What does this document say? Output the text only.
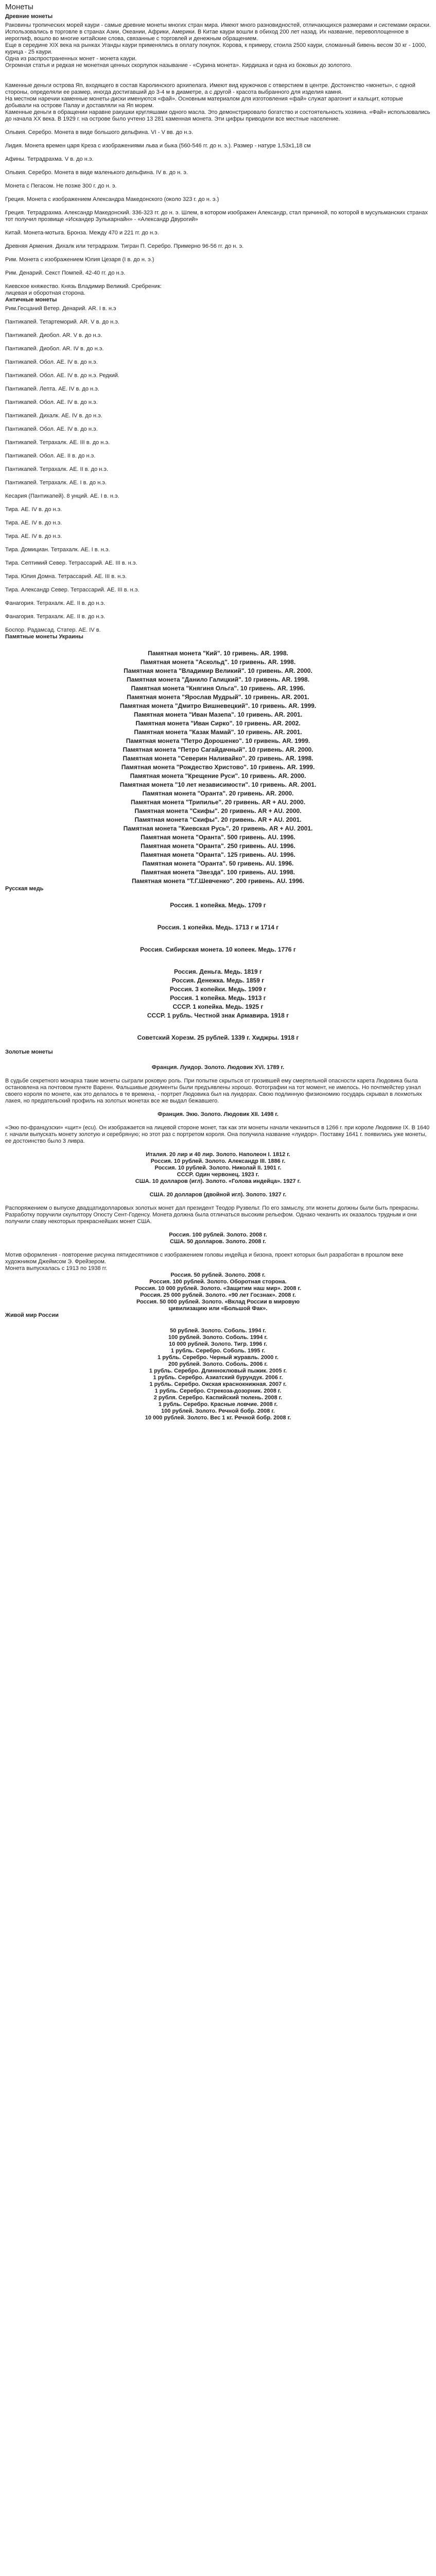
Монеты
Древние монеты

Раковины тропических морей каури - самые древние монеты многих стран мира. Имеют много разновидностей, отличающихся размерами и системами окраски. Использовались в торговле в странах Азии, Океании, Африки, Америки. В Китае каури вошли в обиход 200 лет назад. Их название, перевоплощенное в иероглиф, вошло во многие китайские слова, связанные с торговлей и денежным обращением.

Еще в середине XIX века на рынках Уганды каури применялись в оплату покупок. Корова, к примеру, стоила 2500 каури, сломанный бивень весом 30 кг - 1000, курица - 25 каури.

Одна из распространенных монет - монета каури.

Огромная статья и редкая не монетная ценных скорлупок называние - «Сурина монета». Кирдишка и одна из боковых до золотого.

Каменные деньги острова Яп, входящего в состав Каролинского архипелага. Имеют вид кружочков с отверстием в центре. Достоинство «монеты», с одной стороны, определяли ее размер, иногда достигавший до 3-4 м в диаметре, а с другой - красота выбранного для изделия камня.

На местном наречии каменные монеты-диски именуются «фай». Основным материалом для изготовления «фай» служат арагонит и кальцит, которые добывали на острове Палау и доставляли на Яп морем.

Каменные деньги в обращении наравне ракушки кругляшами одного масла. Это демонстрировало богатство и состоятельность хозяина. «Фай» использовались до начала ХХ века. В 1929 г. на острове было учтено 13 281 каменная монета. Эти цифры приводили все местные население.

Ольвия. Серебро. Монета в виде большого дельфина. VI - V вв. до н.э.
Лидия. Монета времен царя Креза с изображениями льва и быка (560-546 гг. до н. э.). Размер - натуре 1,53х1,18 см
Афины. Тетрадрахма. V в. до н.э.
Ольвия. Серебро. Монета в виде маленького дельфина. IV в. до н. э.
Монета с Пегасом. Не позже 300 г. до н. э.
Греция. Монета с изображением Александра Македонского (около 323 г. до н. э.)
Греция. Тетрадрахма. Александр Македонский. 336-323 гг. до н. э. Шлем, в котором изображен Александр, стал причиной, по которой в мусульманских странах тот получил прозвище «Искандер Зулькарнайн» - «Александр Двурогий»
Китай. Монета-мотыга. Бронза. Между 470 и 221 гг. до н.э.
Древняя Армения. Дихалк или тетрадрахм. Тигран П. Серебро. Примерно 96-56 гг. до н. э.
Рим. Монета с изображением Юлия Цезаря (I в. до н. э.)
Рим. Денарий. Секст Помпей. 42-40 гг. до н.э.
Киевское княжество. Князь Владимир Великий. Сребреник:
лицевая и оборотная сторона.
Античные монеты
Рим.Гесцаний Ветер. Денарий. АR. I в. н.э
Пантикапей. Тетартеморий. АR. V в. до н.э.
Пантикапей. Диобол. АR. V в. до н.э.
Пантикапей. Диобол. АR. IV в. до н.э.
Пантикапей. Обол. АЕ. IV в. до н.э.
Пантикапей. Обол. АЕ. IV в. до н.э. Редкий.
Пантикапей. Лепта. АЕ. IV в. до н.э.
Пантикапей. Обол. АЕ. IV в. до н.э.
Пантикапей. Дихалк. АЕ. IV в. до н.э.
Пантикапей. Обол. АЕ. IV в. до н.э.
Пантикапей. Тетрахалк. АЕ. III в. до н.э.
Пантикапей. Обол. АЕ. II в. до н.э.
Пантикапей. Тетрахалк. АЕ. II в. до н.э.
Пантикапей. Тетрахалк. АЕ. I в. до н.э.
Кесария (Пантикапей). 8 унций. АЕ. I в. н.э.
Тира. АЕ. IV в. до н.э.
Тира. АЕ. IV в. до н.э.
Тира. АЕ. IV в. до н.э.
Тира. Домициан. Тетрахалк. АЕ. I в. н.э.
Тира. Септимий Север. Тетрассарий. АЕ. III в. н.э.
Тира. Юлия Домна. Тетрассарий. АЕ. III в. н.э.
Тира. Александр Север. Тетрассарий. АЕ. III в. н.э.
Фанагория. Тетрахалк. АЕ. II в. до н.э.
Фанагория. Тетрахалк. АЕ. II в. до н.э.
Боспор. Радамсад. Статер. АЕ. IV в.
Памятные монеты Украины
Памятная монета "Кий". 10 гривень. АR. 1998.
Памятная монета "Аскольд". 10 гривень. АR. 1998.
Памятная монета "Владимир Великий". 10 гривень. АR. 2000.
Памятная монета "Данило Галицкий". 10 гривень. АR. 1998.
Памятная монета "Княгиня Ольга". 10 гривень. АR. 1996.
Памятная монета "Ярослав Мудрый". 10 гривень. АR. 2001.
Памятная монета "Дмитро Вишневецкий". 10 гривень. АR. 1999.
Памятная монета "Иван Мазепа". 10 гривень. АR. 2001.
Памятная монета "Иван Сирко". 10 гривень. АR. 2002.
Памятная монета "Казак Мамай". 10 гривень. АR. 2001.
Памятная монета "Петро Дорошенко". 10 гривень. АR. 1999.
Памятная монета "Петро Сагайдачный". 10 гривень. АR. 2000.
Памятная монета "Северин Наливайко". 20 гривень. АR. 1998.
Памятная монета "Рождество Христово". 10 гривень. АR. 1999.
Памятная монета "Крещение Руси". 10 гривень. АR. 2000.
Памятная монета "10 лет независимости". 10 гривень. АR. 2001.
Памятная монета "Оранта". 20 гривень. АR. 2000.
Памятная монета "Трипилье". 20 гривень. АR + AU. 2000.
Памятная монета "Скифы". 20 гривень. АR + AU. 2000.
Памятная монета "Скифы". 20 гривень. АR + AU. 2001.
Памятная монета "Киевская Русь". 20 гривень. АR + AU. 2001.
Памятная монета "Оранта". 500 гривень. AU. 1996.
Памятная монета "Оранта". 250 гривень. AU. 1996.
Памятная монета "Оранта". 125 гривень. AU. 1996.
Памятная монета "Оранта". 50 гривень. AU. 1996.
Памятная монета "Звезда". 100 гривень. AU. 1998.
Памятная монета "Т.Г.Шевченко". 200 гривень. AU. 1996.
Русская медь
Россия. 1 копейка. Медь. 1709 г
Россия. 1 копейка. Медь. 1713 г и 1714 г
Россия. Сибирская монета. 10 копеек. Медь. 1776 г
Россия. Деньга. Медь. 1819 г
Россия. Денежка. Медь. 1859 г
Россия. 3 копейки. Медь. 1909 г
Россия. 1 копейка. Медь. 1913 г
СССР. 1 копейка. Медь. 1925 г
СССР. 1 рубль. Честной знак Армавира. 1918 г
Советский Хорезм. 25 рублей. 1339 г. Хиджры. 1918 г
Золотые монеты
Франция. Луидор. Золото. Людовик XVI. 1789 г.

В судьбе секретного монарха такие монеты сыграли роковую роль. При попытке скрыться от грозившей ему смертельной опасности карета Людовика была остановлена на почтовом пункте Варенн. Фальшивые документы были предъявлены хорошо. Фотографии на тот момент, не имелось. Но почтмейстер узнал своего короля по монете, как это делалось в те времена, - портрет Людовика был на луидорах. Свою подлинную физиономию государь скрывал в лохмотьях лакея, но предательский профиль на золотых монетах все же выдал бежавшего.

Франция. Экю. Золото. Людовик XII. 1498 г.

«Экю по-французски» «щит» (ecu). Он изображается на лицевой стороне монет, так как эти монеты начали чеканиться в 1266 г. при короле Людовике IX. В 1640 г. начали выпускать монету золотую и серебряную; но этот раз с портретом короля. Она получила название «луидор». Поставку 1641 г. появились уже монеты, ее достоинство было 3 ливра.

Италия. 20 лир и 40 лир. Золото. Наполеон I. 1812 г.
Россия. 10 рублей. Золото. Александр III. 1886 г.
Россия. 10 рублей. Золото. Николай II. 1901 г.
СССР. Один червонец. 1923 г.
США. 10 долларов (игл). Золото. «Голова индейца». 1927 г.
США. 20 долларов (двойной игл). Золото. 1927 г.

Распоряжением о выпуске двадцатидолларовых золотых монет дал президент Теодор Рузвельт. По его замыслу, эти монеты должны были быть прекрасны. Разработку поручили скульптору Огюсту Сент-Годенсу. Монета должна была отличаться высоким рельефом. Однако чеканить их оказалось трудным и они получили славу некоторых прекраснейших монет США.

Россия. 100 рублей. Золото. 2008 г.
США. 50 долларов. Золото. 2008 г.

Мотив оформления - повторение рисунка пятидесятников с изображением головы индейца и бизона, проект которых был разработан в прошлом веке художником Джеймсом Э. Фрейзером.

Монета выпускалась с 1913 по 1938 гг.

Россия. 50 рублей. Золото. 2008 г.
Россия. 100 рублей. Золото. Оборотная сторона.
Россия. 10 000 рублей. Золото. «Защитим наш мир». 2008 г.
Россия. 25 000 рублей. Золото. «90 лет Госзнак». 2008 г.
Россия. 50 000 рублей. Золото. «Вклад России в мировую
цивилизацию или «Большой Фак».
Живой мир России
50 рублей. Золото. Соболь. 1994 г.
100 рублей. Золото. Соболь. 1994 г.
10 000 рублей. Золото. Тигр. 1996 г.
1 рубль. Серебро. Соболь. 1995 г.
1 рубль. Серебро. Черный журавль. 2000 г.
200 рублей. Золото. Соболь. 2006 г.
1 рубль. Серебро. Длинноклювый пыжик. 2005 г.
1 рубль. Серебро. Азиатский бурундук. 2006 г.
1 рубль. Серебро. Окская краснокнижная. 2007 г.
1 рубль. Серебро. Стрекоза-дозорник. 2008 г.
2 рубля. Серебро. Каспийский тюлень. 2008 г.
1 рубль. Серебро. Красные ловчие. 2008 г.
100 рублей. Золото. Речной бобр. 2008 г.
10 000 рублей. Золото. Вес 1 кг. Речной бобр. 2008 г.
